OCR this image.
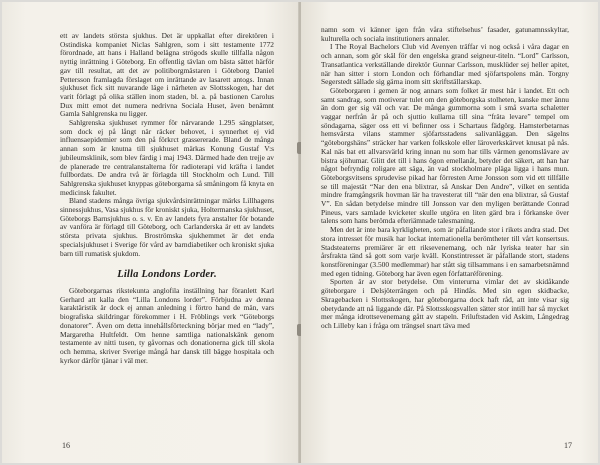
ett av landets största sjukhus. Det är uppkallat efter direktören i Ostindiska kompaniet Niclas Sahlgren, som i sitt testamente 1772 förordnade, att hans i Halland belägna strögods skulle tillfalla någon nyttig inrättning i Göteborg. En offentlig tävlan om bästa sättet härför gav till resultat, att det av politiborgmästaren i Göteborg Daniel Pettersson framlagda förslaget om inrättande av lasarett antogs. Innan sjukhuset fick sitt nuvarande läge i närheten av Slottsskogen, har det varit förlagt på olika ställen inom staden, bl. a. på bastionen Carolus Dux mitt emot det numera nedrivna Sociala Huset, även benämnt Gamla Sahlgrenska nu ligger.

Sahlgrenska sjukhuset rymmer för närvarande 1.295 sängplatser, som dock ej på långt när räcker behovet, i synnerhet ej vid influensaepidemier som den på förkrct grassererade. Bland de många annan som är knutna till sjukhuset märkas Konung Gustaf V:s jubileumsklinik, som blev färdig i maj 1943. Därmed hade den trejje av de planerade tre centralanstalterna för radioterapi vid kräfta i landet fullbordats. De andra två är förlagda till Stockholm och Lund. Till Sahlgrenska sjukhuset knyppas göteborgarna så småningom få knyta en medicinsk fakultet.

Bland stadens många övriga sjukvårdsinrättningar märks Lillhagens sinnessjukhus, Vasa sjukhus för kroniskt sjuka, Holtermanska sjukhuset, Göteborgs Barnsjukhus o. s. v. En av landets fyra anstalter för botande av vanföra är förlagd till Göteborg, och Carlanderska är ett av landets största privata sjukhus. Broströmska sjukhemmet är det enda specialsjukhuset i Sverige för vård av barndiabetiker och kroniskt sjuka barn till rumatisk sjukdom.

Lilla Londons Lorder.

Göteborgarnas rikstekunta anglofila inställning har föranlett Karl Gerhard att kalla den “Lilla Londons lorder”. Förbjudna av denna karaktäristik är dock ej annan anledning i förtro hand de män, vars biografiska skildringar förekommer i H. Fröblings verk “Göteborgs donatorer”. Även om detta innehållsförteckning börjar med en “lady”, Margaretha Hultfeldt. Om henne samtliga nationalskänk genom testamente av nitti tusen, ty gåvornas och donationerna gick till skola och hemma, skriver Sverige mångå har dansk till bägge hospitala och kyrkor därför tjänar i väl mer.

16

namn som vi känner igen från våra stiftelsehus’ fasader, gatunamnsskyltar, kulturella och sociala institutioners annaler.

I The Royal Bachelors Club vid Avenyen träffar vi nog också i våra dagar en och annan, som gör skäl för den engelska grand seigneur-titeln. “Lord” Carlsson, Transatlantica verkställande direktör Gunnar Carlsson, musklüder sej heller apitet, när han sitter i storn London och förhandlar med sjöfartspolens män. Torgny Segerstedt sällade sig gärna inom sitt skriftställarskap.

Göteborgaren i gemen är nog annars som folket är mest här i landet. Ett och samt sandrag, som motiverar tulet om den göteborgska stolheten, kanske mer ännu än dom ger sig väl och var. De många gummorna som i små svarta schaletter vaggar nerfrån år på och sjuttio kullarna till sina “fräta levare” tempel om söndagarna, säger oss ett vi befinner oss i Schartaus fädgörg. Hamsterbetarnas hemsvärsta vilans stammer sjöfartsstadens salivanläggan. Den sägelns “göteborgshäns” sträcker har varken folkskole eller läroverkskärvet knusat på nås. Kal näs bat ett allvarsvärld kring innan nu som har tills värmen genomslävare av bistra sjöhumar. Glitt det till i hans ögon emellanåt, betyder det säkert, att han har något befryndig roligare att säga, än vad stockholmare pläga ligga i hans mun. Göteborgsvitsens sprudevise pikad har förresten Arne Jonsson som vid ett tillfälle se till majestät “Nar den ena blixtrar, så Anskar Den Andre”, vilket en sentida mindre framgångsrik hovman lär ha travesterat till “när den ena blixtrar, så Gustaf V”. En sådan betydelse mindre till Jonsson var den myligen berättande Conrad Pineus, vars samlade kvicketer skulle utgöra en liten gärd bra i förkanske över talens som hans berömda efteriämnade talesmaning.

Men det är inte bara kyrkligheten, som är påfallande stor i rikets andra stad. Det stora intresset för musik har lockat internationella berömtheter till vårt konsertsus. Stadsteaterns premiärer är ett riksevenemang, och när lyriska teater har sin årsfrakta tänd så gott som varje kväll. Konstintresset är påfallande stort, stadens konstföreningar (3.500 medlemmar) har stått sig tillsammans i en samarbetsnämnd med egen tidning. Göteborg har även egen författaréförening.

Sporten är av stor betydelse. Om vinterurna vimlar det av skidåkande göteborgare i Delsjöterrängen och på Hindås. Med sin egen skidbacke, Skragebacken i Slottsskogen, har göteborgarna dock haft råd, att inte visar sig obetydande att nå liggande där. På Slottsskogsvallen sätter stor intill har så mycket mer många idrottsevenemang gått av stapeln. Friluftstaden vid Askim, Långedrag och Lilleby kan i fråga om trängsel snart täva med

17
